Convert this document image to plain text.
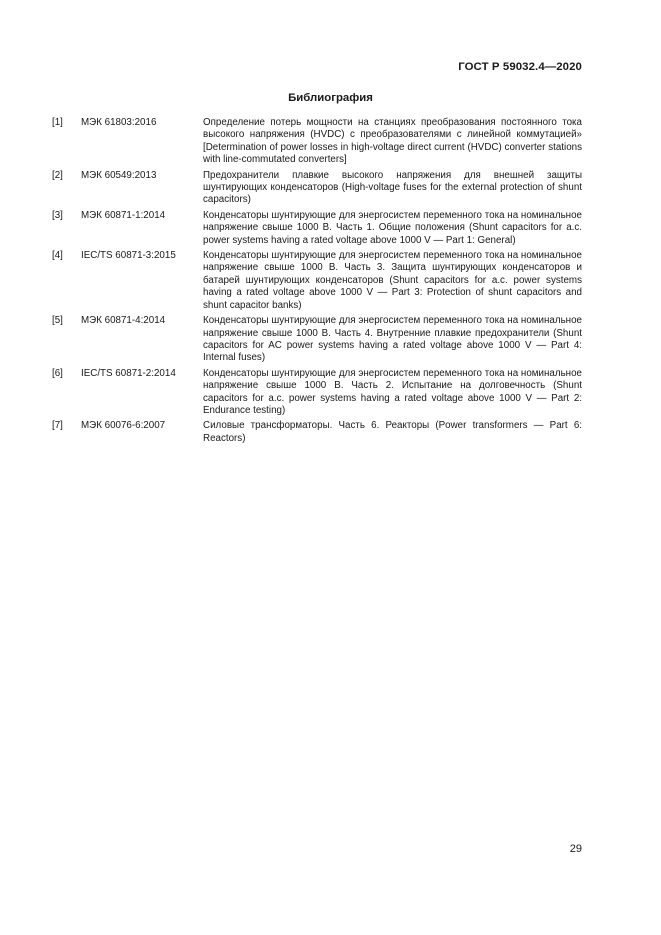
ГОСТ Р 59032.4—2020
Библиография
[1]	МЭК 61803:2016	Определение потерь мощности на станциях преобразования постоянного тока высокого напряжения (HVDC) с преобразователями с линейной коммутацией» [Determination of power losses in high-voltage direct current (HVDC) converter stations with line-commutated converters]
[2]	МЭК 60549:2013	Предохранители плавкие высокого напряжения для внешней защиты шунтирующих конденсаторов (High-voltage fuses for the external protection of shunt capacitors)
[3]	МЭК 60871-1:2014	Конденсаторы шунтирующие для энергосистем переменного тока на номинальное напряжение свыше 1000 В. Часть 1. Общие положения (Shunt capacitors for a.c. power systems having a rated voltage above 1000 V — Part 1: General)
[4]	IEC/TS 60871-3:2015	Конденсаторы шунтирующие для энергосистем переменного тока на номинальное напряжение свыше 1000 В. Часть 3. Защита шунтирующих конденсаторов и батарей шунтирующих конденсаторов (Shunt capacitors for a.c. power systems having a rated voltage above 1000 V — Part 3: Protection of shunt capacitors and shunt capacitor banks)
[5]	МЭК 60871-4:2014	Конденсаторы шунтирующие для энергосистем переменного тока на номинальное напряжение свыше 1000 В. Часть 4. Внутренние плавкие предохранители (Shunt capacitors for AC power systems having a rated voltage above 1000 V — Part 4: Internal fuses)
[6]	IEC/TS 60871-2:2014	Конденсаторы шунтирующие для энергосистем переменного тока на номинальное напряжение свыше 1000 В. Часть 2. Испытание на долговечность (Shunt capacitors for a.c. power systems having a rated voltage above 1000 V — Part 2: Endurance testing)
[7]	МЭК 60076-6:2007	Силовые трансформаторы. Часть 6. Реакторы (Power transformers — Part 6: Reactors)
29
